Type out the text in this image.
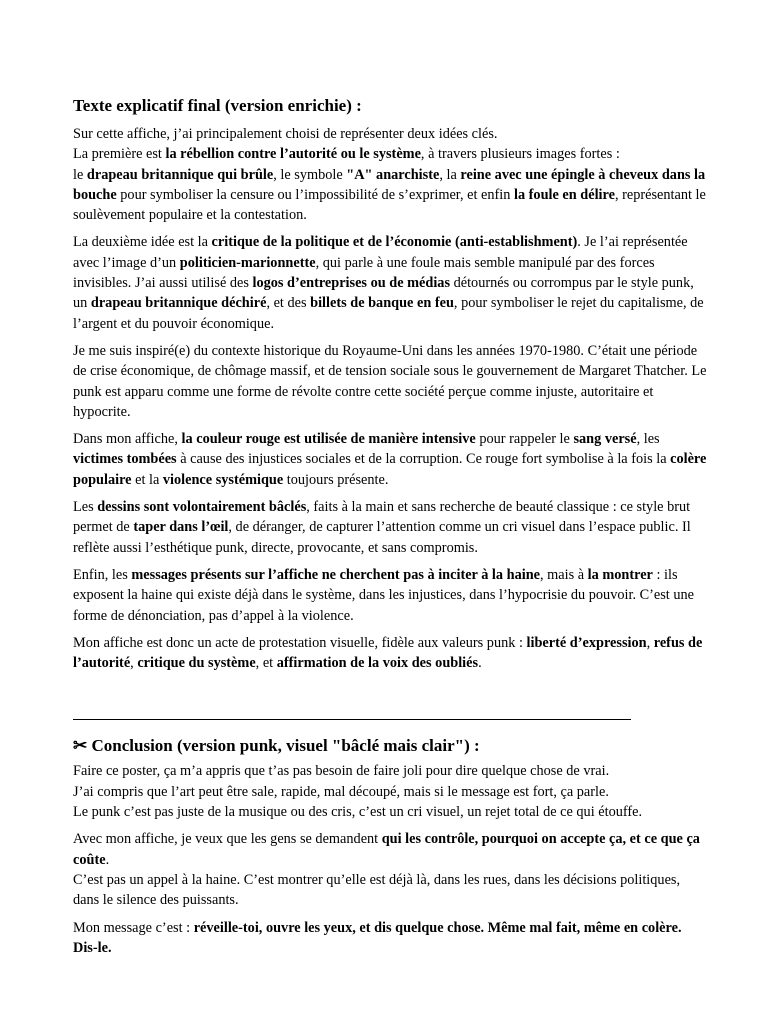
Texte explicatif final (version enrichie) :

Sur cette affiche, j’ai principalement choisi de représenter deux idées clés.
La première est la rébellion contre l’autorité ou le système, à travers plusieurs images fortes :
le drapeau britannique qui brûle, le symbole "A" anarchiste, la reine avec une épingle à cheveux dans la bouche pour symboliser la censure ou l’impossibilité de s’exprimer, et enfin la foule en délire, représentant le soulèvement populaire et la contestation.

La deuxième idée est la critique de la politique et de l’économie (anti-establishment). Je l’ai représentée avec l’image d’un politicien-marionnette, qui parle à une foule mais semble manipulé par des forces invisibles. J’ai aussi utilisé des logos d’entreprises ou de médias détournés ou corrompus par le style punk, un drapeau britannique déchiré, et des billets de banque en feu, pour symboliser le rejet du capitalisme, de l’argent et du pouvoir économique.

Je me suis inspiré(e) du contexte historique du Royaume-Uni dans les années 1970-1980. C’était une période de crise économique, de chômage massif, et de tension sociale sous le gouvernement de Margaret Thatcher. Le punk est apparu comme une forme de révolte contre cette société perçue comme injuste, autoritaire et hypocrite.

Dans mon affiche, la couleur rouge est utilisée de manière intensive pour rappeler le sang versé, les victimes tombées à cause des injustices sociales et de la corruption. Ce rouge fort symbolise à la fois la colère populaire et la violence systémique toujours présente.

Les dessins sont volontairement bâclés, faits à la main et sans recherche de beauté classique : ce style brut permet de taper dans l’œil, de déranger, de capturer l’attention comme un cri visuel dans l’espace public. Il reflète aussi l’esthétique punk, directe, provocante, et sans compromis.

Enfin, les messages présents sur l’affiche ne cherchent pas à inciter à la haine, mais à la montrer : ils exposent la haine qui existe déjà dans le système, dans les injustices, dans l’hypocrisie du pouvoir. C’est une forme de dénonciation, pas d’appel à la violence.

Mon affiche est donc un acte de protestation visuelle, fidèle aux valeurs punk : liberté d’expression, refus de l’autorité, critique du système, et affirmation de la voix des oubliés.

✂ Conclusion (version punk, visuel "bâclé mais clair") :

Faire ce poster, ça m’a appris que t’as pas besoin de faire joli pour dire quelque chose de vrai.
J’ai compris que l’art peut être sale, rapide, mal découpé, mais si le message est fort, ça parle.
Le punk c’est pas juste de la musique ou des cris, c’est un cri visuel, un rejet total de ce qui étouffe.

Avec mon affiche, je veux que les gens se demandent qui les contrôle, pourquoi on accepte ça, et ce que ça coûte.
C’est pas un appel à la haine. C’est montrer qu’elle est déjà là, dans les rues, dans les décisions politiques, dans le silence des puissants.

Mon message c’est : réveille-toi, ouvre les yeux, et dis quelque chose. Même mal fait, même en colère. Dis-le.
